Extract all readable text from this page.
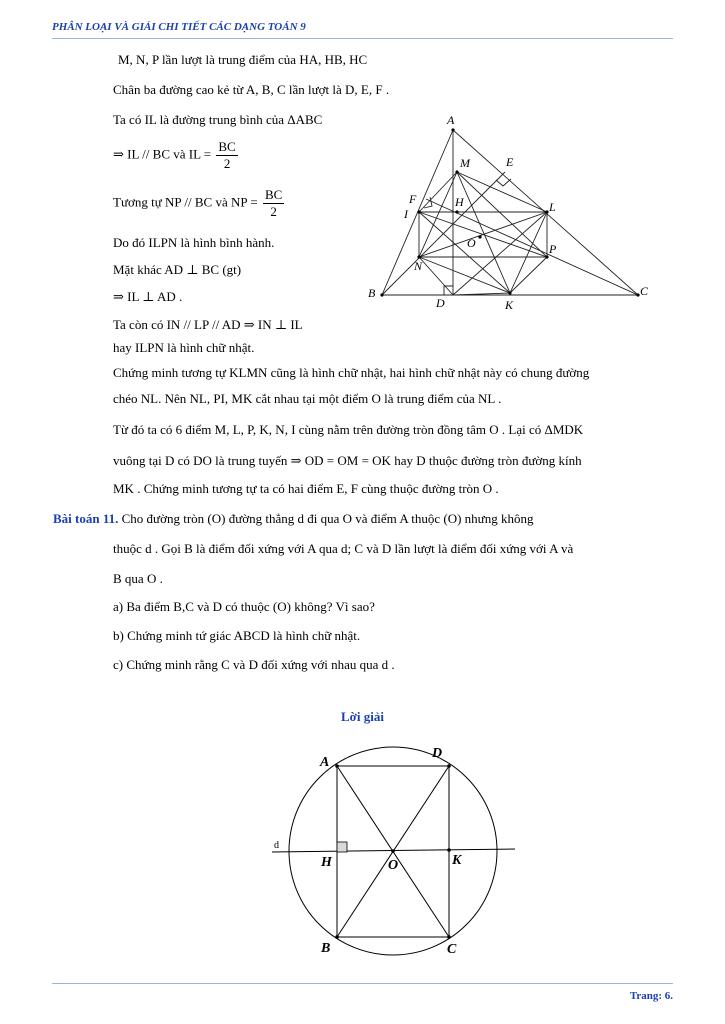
PHÂN LOẠI VÀ GIẢI CHI TIẾT CÁC DẠNG TOÁN 9
M, N, P lần lượt là trung điểm của HA, HB, HC
Chân ba đường cao kẻ từ A, B, C lần lượt là D, E, F .
Ta có IL là đường trung bình của ΔABC
⇒ IL // BC và IL = $\frac{BC}{2}$
Tương tự NP // BC và NP = $\frac{BC}{2}$
Do đó ILPN là hình bình hành.
Mặt khác AD ⊥ BC (gt)
⇒ IL ⊥ AD .
Ta còn có IN // LP // AD ⇒ IN ⊥ IL
hay ILPN là hình chữ nhật.
Chứng minh tương tự KLMN cũng là hình chữ nhật, hai hình chữ nhật này có chung đường
chéo NL. Nên NL, PI, MK cắt nhau tại một điểm O là trung điểm của NL .
Từ đó ta có 6 điểm M, L, P, K, N, I cùng nằm trên đường tròn đồng tâm O . Lại có ΔMDK
vuông tại D có DO là trung tuyến ⇒ OD = OM = OK hay D thuộc đường tròn đường kính
MK . Chứng minh tương tự ta có hai điểm E, F cùng thuộc đường tròn O .
A
B	C
D
E
F	H
I
K
L
M
N
O	P
Bài toán 11. Cho đường tròn (O) đường thẳng d đi qua O và điểm A thuộc (O) nhưng không
thuộc d . Gọi B là điểm đối xứng với A qua d; C và D lần lượt là điểm đối xứng với A và
B qua O .
a) Ba điểm B,C và D có thuộc (O) không? Vì sao?
b) Chứng minh tứ giác ABCD là hình chữ nhật.
c) Chứng minh rằng C và D đối xứng với nhau qua d .
Lời giải
A
D
B	C
H	O	K
d
Trang: 6.
